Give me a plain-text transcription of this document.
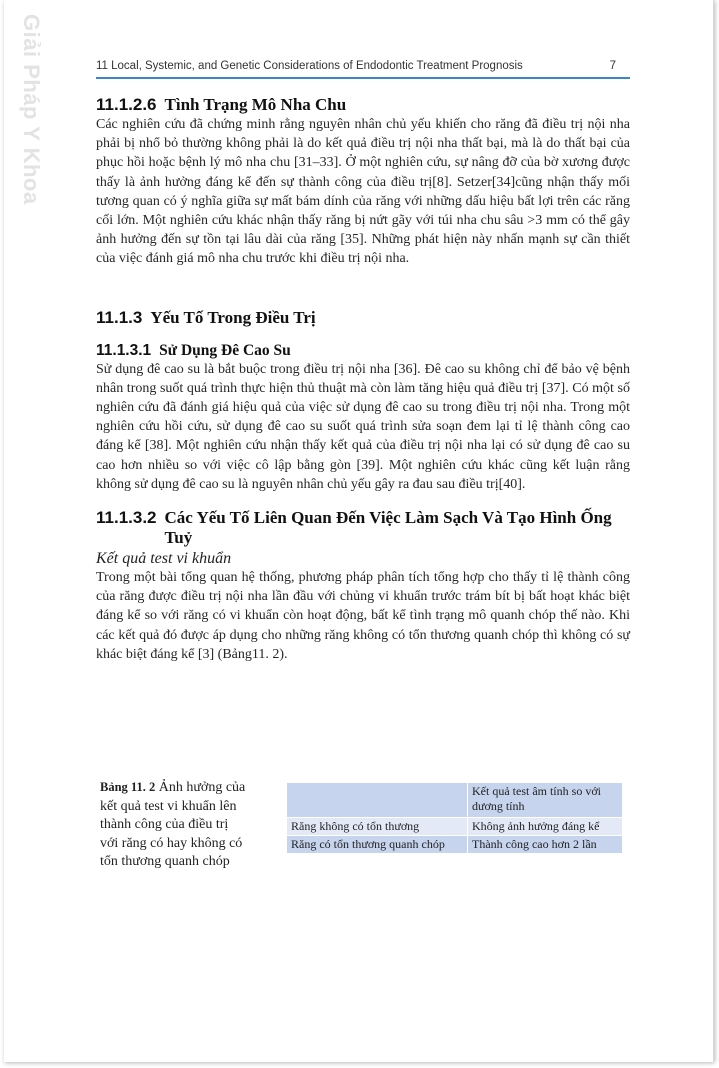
Giải Pháp Y Khoa	11 Local, Systemic, and Genetic Considerations of Endodontic Treatment Prognosis	7
11.1.2.6 Tình Trạng Mô Nha Chu

Các nghiên cứu đã chứng minh rằng nguyên nhân chủ yếu khiến cho răng đã điều trị nội nha phải bị nhổ bỏ thường không phải là do kết quả điều trị nội nha thất bại, mà là do thất bại của phục hồi hoặc bệnh lý mô nha chu [31–33]. Ở một nghiên cứu, sự nâng đỡ của bờ xương được thấy là ảnh hưởng đáng kể đến sự thành công của điều trị[8]. Setzer[34]cũng nhận thấy mối tương quan có ý nghĩa giữa sự mất bám dính của răng với những dấu hiệu bất lợi trên các răng cối lớn. Một nghiên cứu khác nhận thấy răng bị nứt gãy với túi nha chu sâu >3 mm có thể gây ảnh hưởng đến sự tồn tại lâu dài của răng [35]. Những phát hiện này nhấn mạnh sự cần thiết của việc đánh giá mô nha chu trước khi điều trị nội nha.

11.1.3 Yếu Tố Trong Điều Trị
11.1.3.1 Sử Dụng Đê Cao Su

Sử dụng đê cao su là bắt buộc trong điều trị nội nha [36]. Đê cao su không chỉ để bảo vệ bệnh nhân trong suốt quá trình thực hiện thủ thuật mà còn làm tăng hiệu quả điều trị [37]. Có một số nghiên cứu đã đánh giá hiệu quả của việc sử dụng đê cao su trong điều trị nội nha. Trong một nghiên cứu hồi cứu, sử dụng đê cao su suốt quá trình sửa soạn đem lại tỉ lệ thành công cao đáng kể [38]. Một nghiên cứu nhận thấy kết quả của điều trị nội nha lại có sử dụng đê cao su cao hơn nhiều so với việc cô lập bằng gòn [39]. Một nghiên cứu khác cũng kết luận rằng không sử dụng đê cao su là nguyên nhân chủ yếu gây ra đau sau điều trị[40].

11.1.3.2 Các Yếu Tố Liên Quan Đến Việc Làm Sạch Và Tạo Hình Ống Tuỷ
Kết quả test vi khuẩn

Trong một bài tổng quan hệ thống, phương pháp phân tích tổng hợp cho thấy tỉ lệ thành công của răng được điều trị nội nha lần đầu với chủng vi khuẩn trước trám bít bị bất hoạt khác biệt đáng kể so với răng có vi khuẩn còn hoạt động, bất kể tình trạng mô quanh chóp thế nào. Khi các kết quả đó được áp dụng cho những răng không có tổn thương quanh chóp thì không có sự khác biệt đáng kể [3] (Bảng11. 2).

Bảng 11. 2 Ảnh hưởng của kết quả test vi khuẩn lên thành công của điều trị với răng có hay không có tổn thương quanh chóp
	Kết quả test âm tính so với dương tính
Răng không có tổn thương	Không ảnh hưởng đáng kể
Răng có tổn thương quanh chóp	Thành công cao hơn 2 lần
